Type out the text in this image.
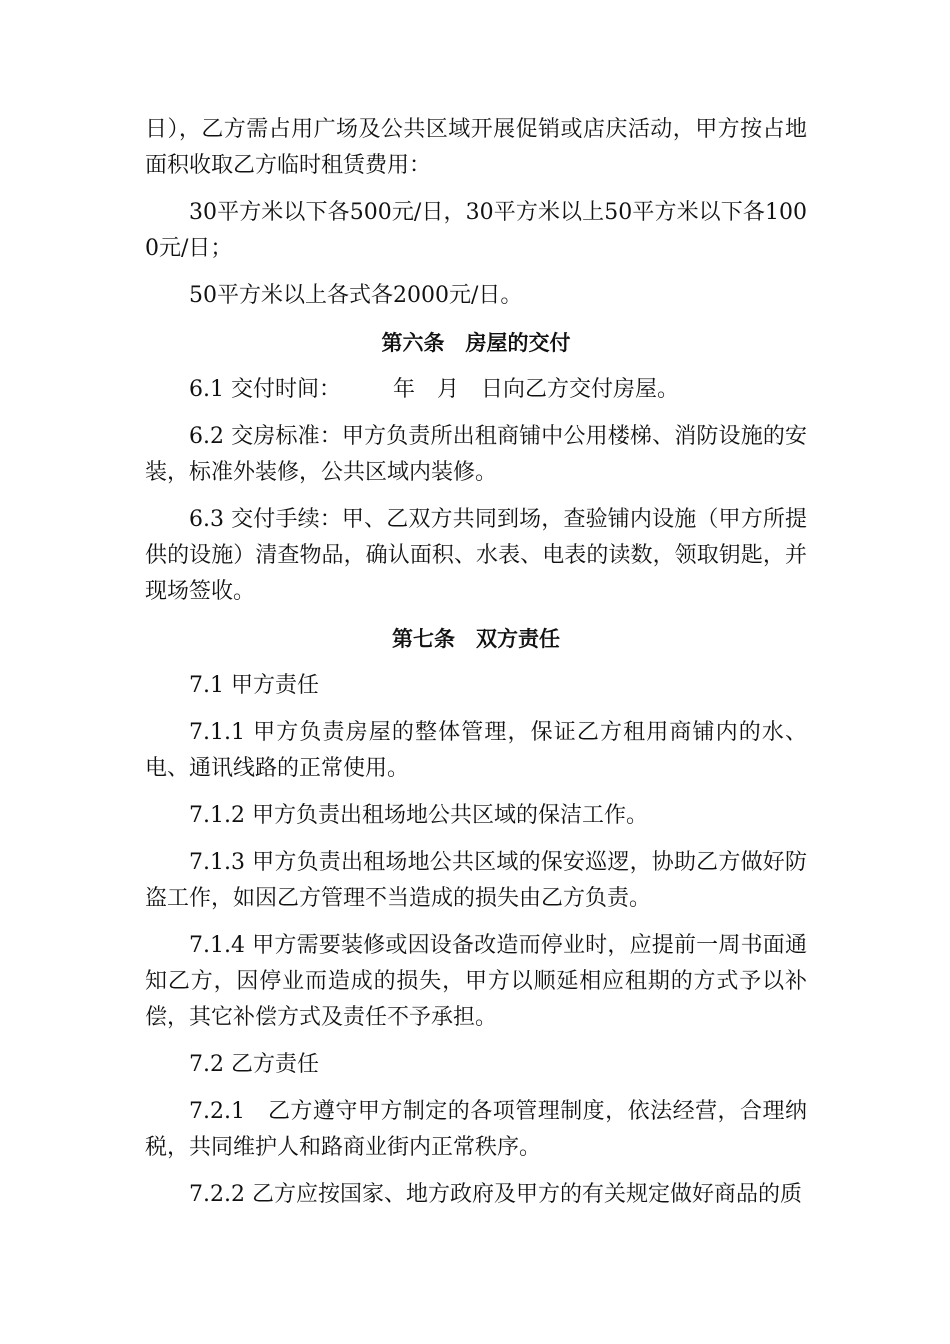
日），乙方需占用广场及公共区域开展促销或店庆活动，甲方按占地面积收取乙方临时租赁费用：

30平方米以下各500元/日，30平方米以上50平方米以下各1000元/日；

50平方米以上各式各2000元/日。

第六条　房屋的交付

6.1 交付时间： 年 月 日向乙方交付房屋。

6.2 交房标准：甲方负责所出租商铺中公用楼梯、消防设施的安装，标准外装修，公共区域内装修。

6.3 交付手续：甲、乙双方共同到场，查验铺内设施（甲方所提供的设施）清查物品，确认面积、水表、电表的读数，领取钥匙，并现场签收。

第七条　双方责任

7.1 甲方责任

7.1.1 甲方负责房屋的整体管理，保证乙方租用商铺内的水、电、通讯线路的正常使用。

7.1.2 甲方负责出租场地公共区域的保洁工作。

7.1.3 甲方负责出租场地公共区域的保安巡逻，协助乙方做好防盗工作，如因乙方管理不当造成的损失由乙方负责。

7.1.4 甲方需要装修或因设备改造而停业时，应提前一周书面通知乙方，因停业而造成的损失，甲方以顺延相应租期的方式予以补偿，其它补偿方式及责任不予承担。

7.2 乙方责任

7.2.1　乙方遵守甲方制定的各项管理制度，依法经营，合理纳税，共同维护人和路商业街内正常秩序。

7.2.2 乙方应按国家、地方政府及甲方的有关规定做好商品的质
